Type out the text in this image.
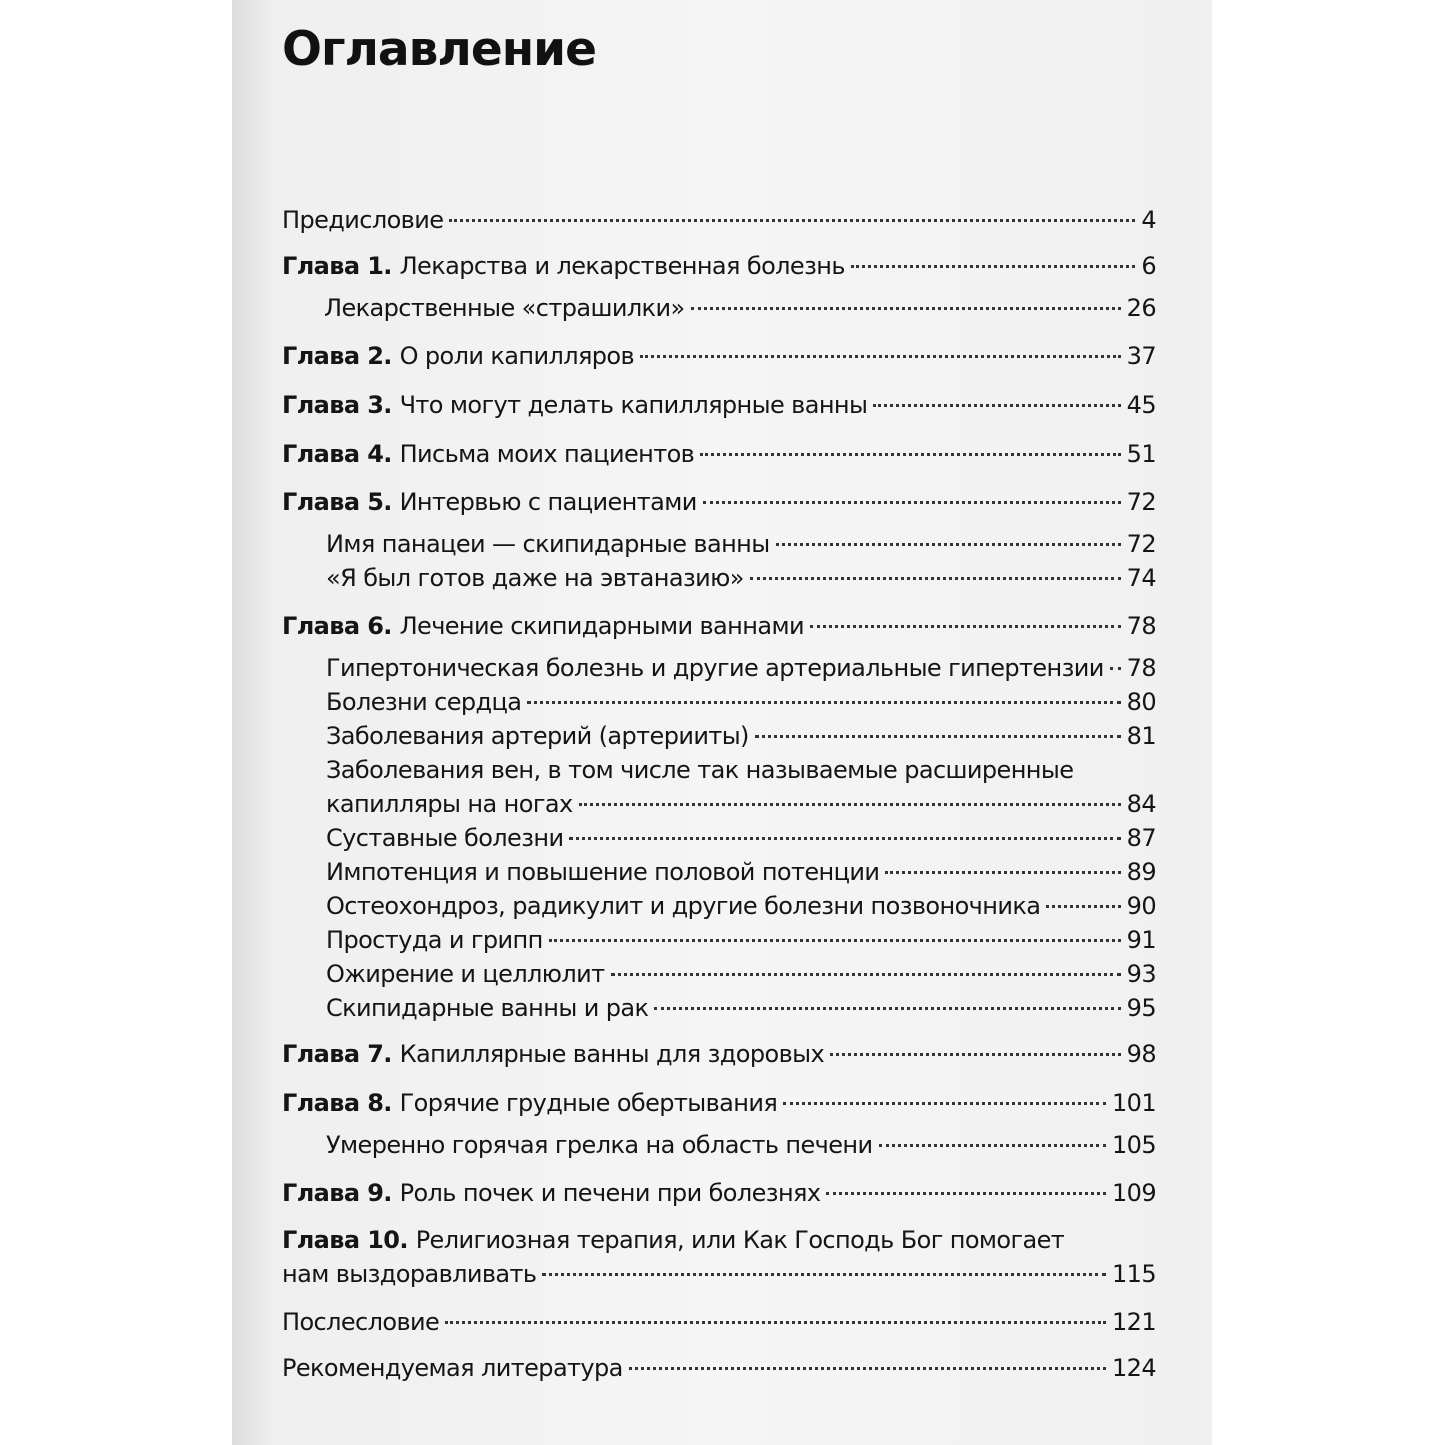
Оглавление
Предисловие	4
Глава 1. Лекарства и лекарственная болезнь	6
Лекарственные «страшилки»	26
Глава 2. О роли капилляров	37
Глава 3. Что могут делать капиллярные ванны	45
Глава 4. Письма моих пациентов	51
Глава 5. Интервью с пациентами	72
Имя панацеи — скипидарные ванны	72
«Я был готов даже на эвтаназию»	74
Глава 6. Лечение скипидарными ваннами	78
Гипертоническая болезнь и другие артериальные гипертензии 78
Болезни сердца	80
Заболевания артерий (артерииты)	81
Заболевания вен, в том числе так называемые расширенные
капилляры на ногах	84
Суставные болезни	87
Импотенция и повышение половой потенции	89
Остеохондроз, радикулит и другие болезни позвоночника	90
Простуда и грипп	91
Ожирение и целлюлит	93
Скипидарные ванны и рак	95
Глава 7. Капиллярные ванны для здоровых	98
Глава 8. Горячие грудные обертывания	101
Умеренно горячая грелка на область печени	105
Глава 9. Роль почек и печени при болезнях	109
Глава 10. Религиозная терапия, или Как Господь Бог помогает
нам выздоравливать	115
Послесловие	121
Рекомендуемая литература	124
